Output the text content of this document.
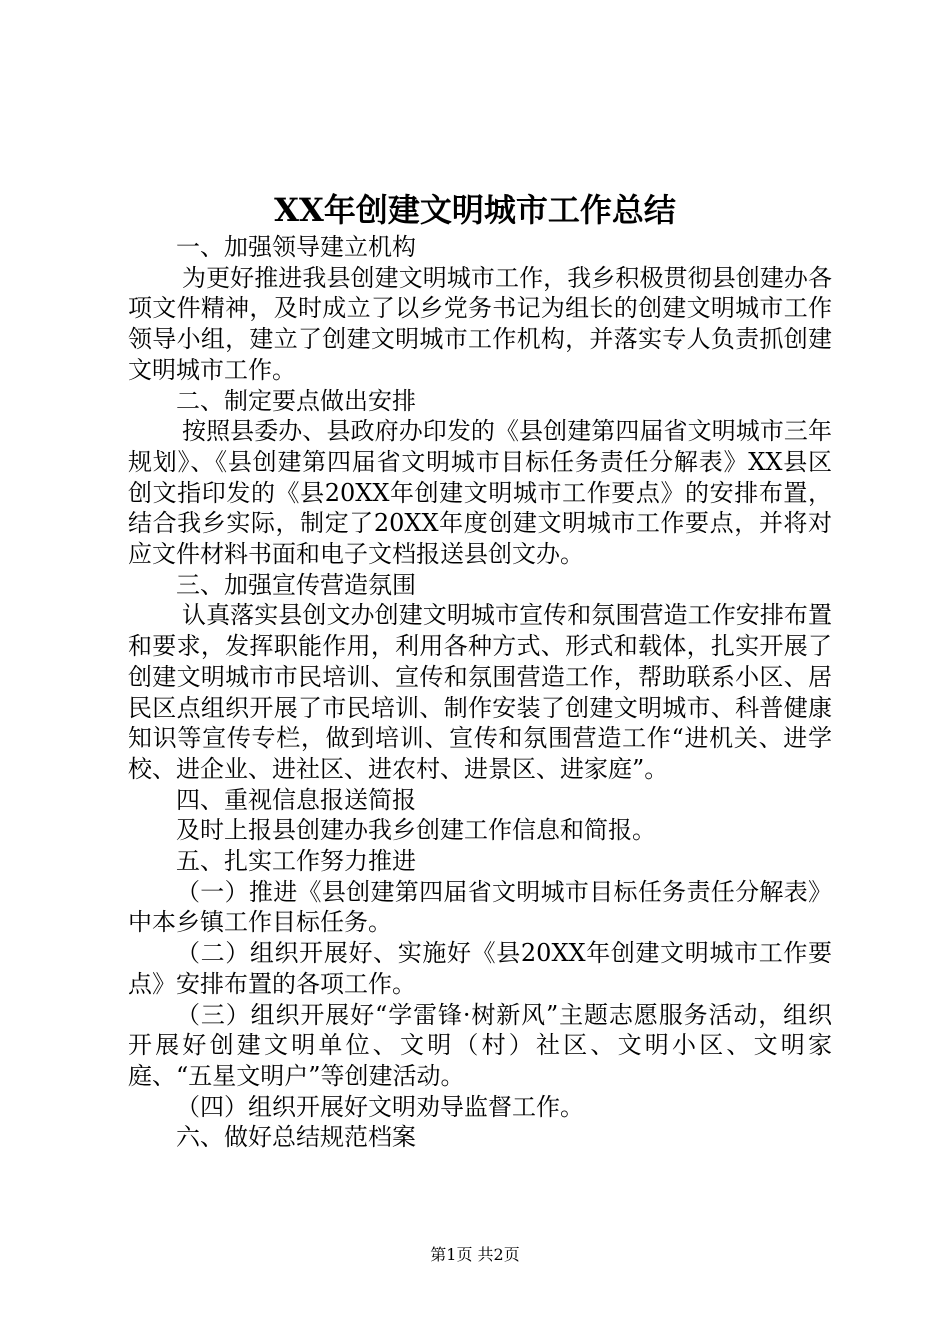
XX年创建文明城市工作总结

一、加强领导建立机构

为更好推进我县创建文明城市工作，我乡积极贯彻县创建办各项文件精神，及时成立了以乡党务书记为组长的创建文明城市工作领导小组，建立了创建文明城市工作机构，并落实专人负责抓创建文明城市工作。

二、制定要点做出安排

按照县委办、县政府办印发的《县创建第四届省文明城市三年规划》、《县创建第四届省文明城市目标任务责任分解表》XX县区创文指印发的《县20XX年创建文明城市工作要点》的安排布置，结合我乡实际，制定了20XX年度创建文明城市工作要点，并将对应文件材料书面和电子文档报送县创文办。

三、加强宣传营造氛围

认真落实县创文办创建文明城市宣传和氛围营造工作安排布置和要求，发挥职能作用，利用各种方式、形式和载体，扎实开展了创建文明城市市民培训、宣传和氛围营造工作，帮助联系小区、居民区点组织开展了市民培训、制作安装了创建文明城市、科普健康知识等宣传专栏，做到培训、宣传和氛围营造工作“进机关、进学校、进企业、进社区、进农村、进景区、进家庭”。

四、重视信息报送简报

及时上报县创建办我乡创建工作信息和简报。

五、扎实工作努力推进

（一）推进《县创建第四届省文明城市目标任务责任分解表》中本乡镇工作目标任务。

（二）组织开展好、实施好《县20XX年创建文明城市工作要点》安排布置的各项工作。

（三）组织开展好“学雷锋·树新风”主题志愿服务活动，组织开展好创建文明单位、文明（村）社区、文明小区、文明家庭、“五星文明户”等创建活动。

（四）组织开展好文明劝导监督工作。

六、做好总结规范档案

第1页 共2页
